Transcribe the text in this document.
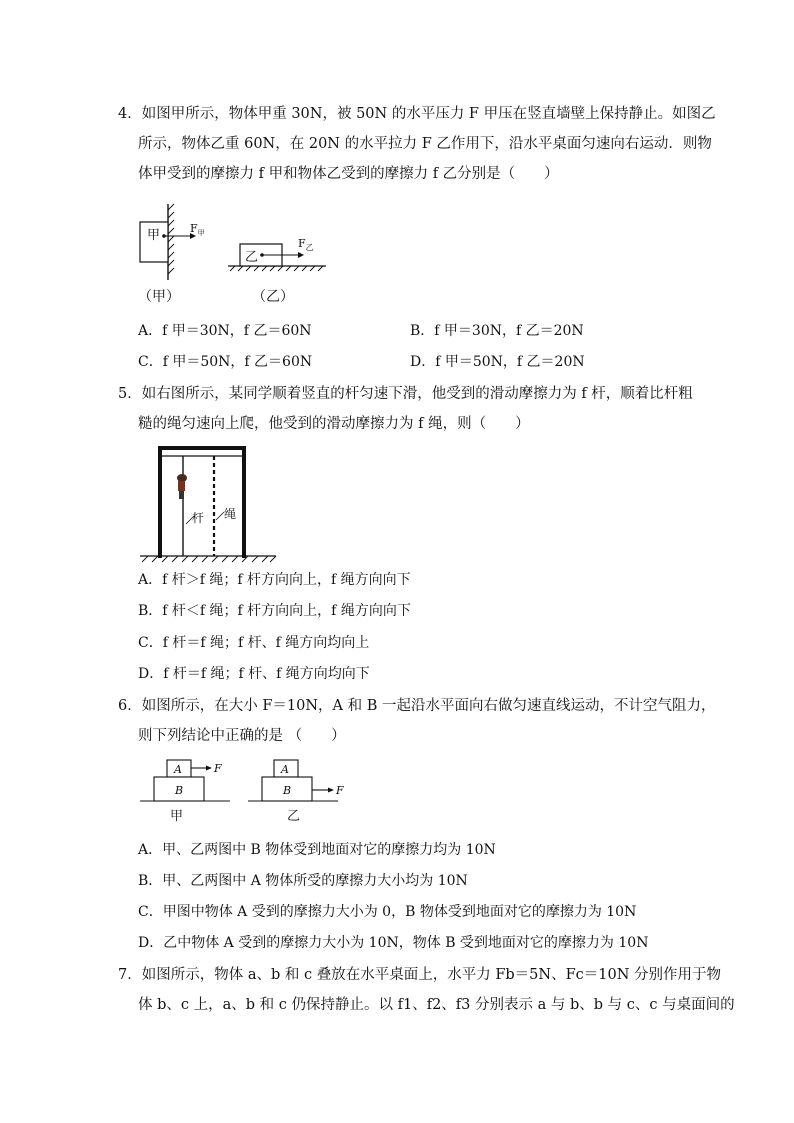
4．如图甲所示，物体甲重 30N，被 50N 的水平压力 F 甲压在竖直墙壁上保持静止。如图乙
所示，物体乙重 60N，在 20N 的水平拉力 F 乙作用下，沿水平桌面匀速向右运动．则物
体甲受到的摩擦力 f 甲和物体乙受到的摩擦力 f 乙分别是（　　）
甲	$F_甲$
乙
$F_乙$
（甲）	（乙）
A．f 甲＝30N，f 乙＝60N	B．f 甲＝30N，f 乙＝20N
C．f 甲＝50N，f 乙＝60N	D．f 甲＝50N，f 乙＝20N
5．如右图所示，某同学顺着竖直的杆匀速下滑，他受到的滑动摩擦力为 f 杆，顺着比杆粗
糙的绳匀速向上爬，他受到的滑动摩擦力为 f 绳，则（　　）
杆 绳
A．f 杆＞f 绳；f 杆方向向上，f 绳方向向下
B．f 杆＜f 绳；f 杆方向向上，f 绳方向向下
C．f 杆＝f 绳；f 杆、f 绳方向均向上
D．f 杆＝f 绳；f 杆、f 绳方向均向下
6．如图所示，在大小 F＝10N，A 和 B 一起沿水平面向右做匀速直线运动，不计空气阻力，
则下列结论中正确的是 （　　）
A	F
B
A
B	F
甲	乙
A．甲、乙两图中 B 物体受到地面对它的摩擦力均为 10N
B．甲、乙两图中 A 物体所受的摩擦力大小均为 10N
C．甲图中物体 A 受到的摩擦力大小为 0，B 物体受到地面对它的摩擦力为 10N
D．乙中物体 A 受到的摩擦力大小为 10N，物体 B 受到地面对它的摩擦力为 10N
7．如图所示，物体 a、b 和 c 叠放在水平桌面上，水平力 Fb＝5N、Fc＝10N 分别作用于物
体 b、c 上，a、b 和 c 仍保持静止。以 f1、f2、f3 分别表示 a 与 b、b 与 c、c 与桌面间的
